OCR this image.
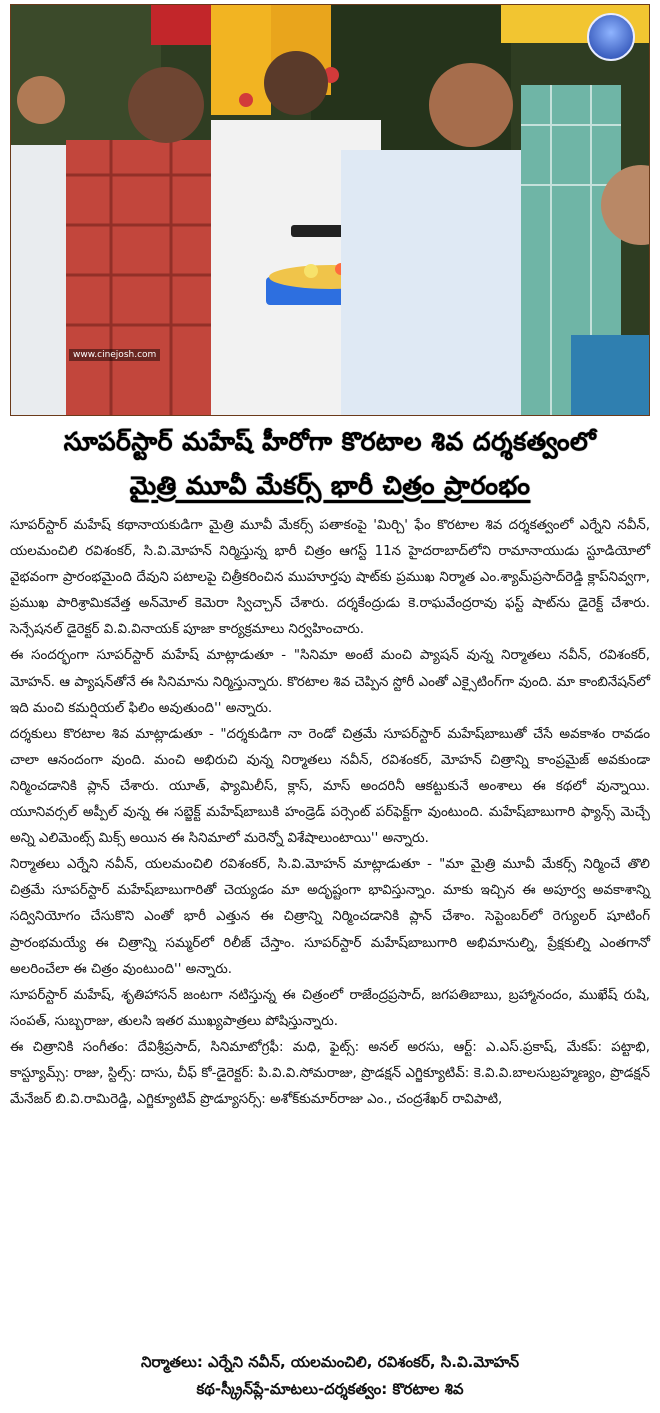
www.cinejosh.com
సూపర్‌స్టార్ మహేష్ హీరోగా కొరటాల శివ దర్శకత్వంలో
మైత్రి మూవీ మేకర్స్ భారీ చిత్రం ప్రారంభం

సూపర్‌స్టార్ మహేష్ కథానాయకుడిగా మైత్రి మూవీ మేకర్స్ పతాకంపై 'మిర్చి' ఫేం కొరటాల శివ దర్శకత్వంలో ఎర్నేని నవీన్, యలమంచిలి రవిశంకర్, సి.వి.మోహన్ నిర్మిస్తున్న భారీ చిత్రం ఆగస్ట్ 11న హైదరాబాద్‌లోని రామానాయుడు స్టూడియోలో వైభవంగా ప్రారంభమైంది దేవుని పటాలపై చిత్రీకరించిన ముహూర్తపు షాట్‌కు ప్రముఖ నిర్మాత ఎం.శ్యామ్‌ప్రసాద్‌రెడ్డి క్లాప్‌నివ్వగా, ప్రముఖ పారిశ్రామికవేత్త అన్‌మోల్ కెమెరా స్విచ్చాన్ చేశారు. దర్శకేంద్రుడు కె.రాఘవేంద్రరావు ఫస్ట్ షాట్‌ను డైరెక్ట్ చేశారు. సెన్సేషనల్ డైరెక్టర్ వి.వి.వినాయక్ పూజా కార్యక్రమాలు నిర్వహించారు.

ఈ సందర్భంగా సూపర్‌స్టార్ మహేష్ మాట్లాడుతూ - "సినిమా అంటే మంచి ప్యాషన్ వున్న నిర్మాతలు నవీన్, రవిశంకర్, మోహన్. ఆ ప్యాషన్‌తోనే ఈ సినిమాను నిర్మిస్తున్నారు. కొరటాల శివ చెప్పిన స్టోరీ ఎంతో ఎక్సైటింగ్‌గా వుంది. మా కాంబినేషన్‌లో ఇది మంచి కమర్షియల్ ఫిలిం అవుతుంది'' అన్నారు.

దర్శకులు కొరటాల శివ మాట్లాడుతూ - "దర్శకుడిగా నా రెండో చిత్రమే సూపర్‌స్టార్ మహేష్‌బాబుతో చేసే అవకాశం రావడం చాలా ఆనందంగా వుంది. మంచి అభిరుచి వున్న నిర్మాతలు నవీన్, రవిశంకర్, మోహన్ చిత్రాన్ని కాంప్రమైజ్ అవకుండా నిర్మించడానికి ప్లాన్ చేశారు. యూత్, ఫ్యామిలీస్, క్లాస్, మాస్ అందరినీ ఆకట్టుకునే అంశాలు ఈ కథలో వున్నాయి. యూనివర్సల్ అప్పీల్ వున్న ఈ సబ్జెక్ట్ మహేష్‌బాబుకి హండ్రెడ్ పర్సెంట్ పర్‌ఫెక్ట్‌గా వుంటుంది. మహేష్‌బాబుగారి ఫ్యాన్స్ మెచ్చే అన్ని ఎలిమెంట్స్ మిక్స్ అయిన ఈ సినిమాలో మరెన్నో విశేషాలుంటాయి'' అన్నారు.

నిర్మాతలు ఎర్నేని నవీన్, యలమంచిలి రవిశంకర్, సి.వి.మోహన్ మాట్లాడుతూ - "మా మైత్రి మూవీ మేకర్స్ నిర్మించే తొలి చిత్రమే సూపర్‌స్టార్ మహేష్‌బాబుగారితో చెయ్యడం మా అదృష్టంగా భావిస్తున్నాం. మాకు ఇచ్చిన ఈ అపూర్వ అవకాశాన్ని సద్వినియోగం చేసుకొని ఎంతో భారీ ఎత్తున ఈ చిత్రాన్ని నిర్మించడానికి ప్లాన్ చేశాం. సెప్టెంబర్‌లో రెగ్యులర్ షూటింగ్ ప్రారంభమయ్యే ఈ చిత్రాన్ని సమ్మర్‌లో రిలీజ్ చేస్తాం. సూపర్‌స్టార్ మహేష్‌బాబుగారి అభిమానుల్ని, ప్రేక్షకుల్ని ఎంతగానో అలరించేలా ఈ చిత్రం వుంటుంది'' అన్నారు.

సూపర్‌స్టార్ మహేష్, శృతిహాసన్ జంటగా నటిస్తున్న ఈ చిత్రంలో రాజేంద్రప్రసాద్, జగపతిబాబు, బ్రహ్మానందం, ముఖేష్ రుషి, సంపత్, సుబ్బరాజు, తులసి ఇతర ముఖ్యపాత్రలు పోషిస్తున్నారు.

ఈ చిత్రానికి సంగీతం: దేవిశ్రీప్రసాద్, సినిమాటోగ్రఫీ: మధి, ఫైట్స్: అనల్ అరసు, ఆర్ట్: ఎ.ఎస్.ప్రకాష్, మేకప్: పట్టాభి, కాస్ట్యూమ్స్: రాజు, స్టిల్స్: దాసు, చీఫ్ కో-డైరెక్టర్: పి.వి.వి.సోమరాజు, ప్రొడక్షన్ ఎగ్జిక్యూటివ్: కె.వి.వి.బాలసుబ్రహ్మణ్యం, ప్రొడక్షన్ మేనేజర్ బి.వి.రామిరెడ్డి, ఎగ్జిక్యూటివ్ ప్రొడ్యూసర్స్: అశోక్‌కుమార్‌రాజు ఎం., చంద్రశేఖర్ రావిపాటి,

నిర్మాతలు: ఎర్నేని నవీన్, యలమంచిలి, రవిశంకర్, సి.వి.మోహన్
కథ-స్క్రీన్‌ప్లే-మాటలు-దర్శకత్వం: కొరటాల శివ
